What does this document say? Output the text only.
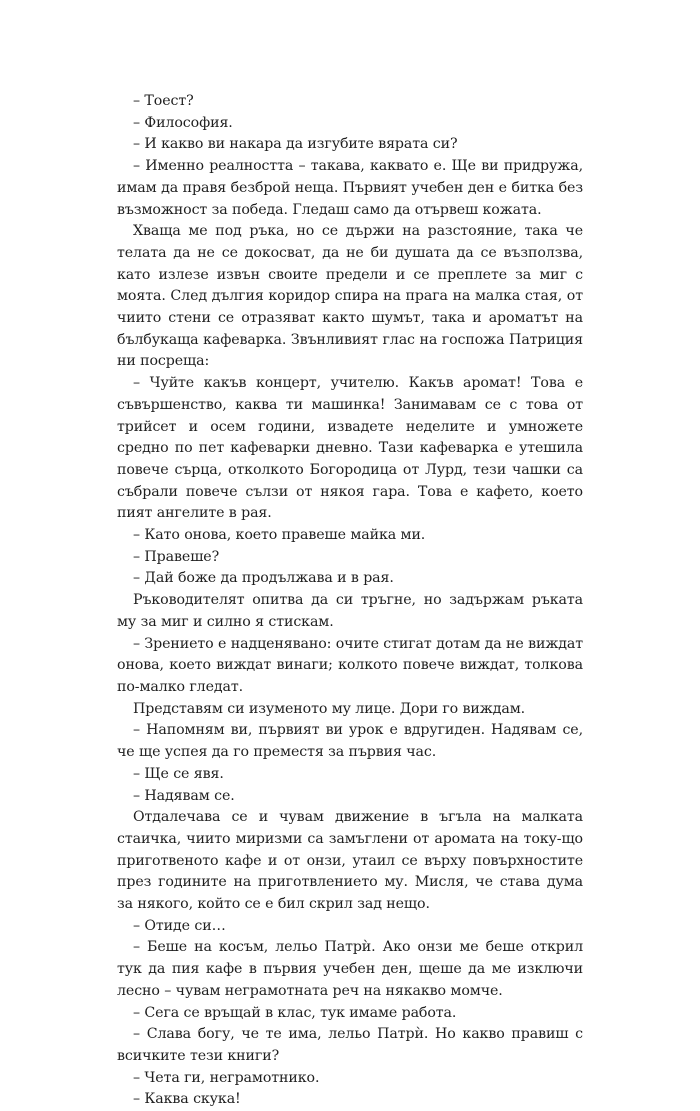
– Тоест?

– Философия.

– И какво ви накара да изгубите вярата си?

– Именно реалността – такава, каквато е. Ще ви придружа, имам да правя безброй неща. Първият учебен ден е битка без възможност за победа. Гледаш само да отървеш кожата.

Хваща ме под ръка, но се държи на разстояние, така че телата да не се докосват, да не би душата да се възползва, като излезе извън своите предели и се преплете за миг с моята. След дългия коридор спира на прага на малка стая, от чиито стени се отразяват както шумът, така и ароматът на бълбукаща кафеварка. Звънливият глас на госпожа Патриция ни посреща:

– Чуйте какъв концерт, учителю. Какъв аромат! Това е съвършенство, каква ти машинка! Занимавам се с това от трийсет и осем години, извадете неделите и умножете средно по пет кафеварки дневно. Тази кафеварка е утешила повече сърца, отколкото Богородица от Лурд, тези чашки са събрали повече сълзи от някоя гара. Това е кафето, което пият ангелите в рая.

– Като онова, което правеше майка ми.

– Правеше?

– Дай боже да продължава и в рая.

Ръководителят опитва да си тръгне, но задържам ръката му за миг и силно я стискам.

– Зрението е надценявано: очите стигат дотам да не виждат онова, което виждат винаги; колкото повече виждат, толкова по-малко гледат.

Представям си изуменото му лице. Дори го виждам.

– Напомням ви, първият ви урок е вдругиден. Надявам се, че ще успея да го преместя за първия час.

– Ще се явя.

– Надявам се.

Отдалечава се и чувам движение в ъгъла на малката стаичка, чиито миризми са замъглени от аромата на току-що приготвеното кафе и от онзи, утаил се върху повърхностите през годините на приготвлението му. Мисля, че става дума за някого, който се е бил скрил зад нещо.

– Отиде си…

– Беше на косъм, лельо Патрѝ. Ако онзи ме беше открил тук да пия кафе в първия учебен ден, щеше да ме изключи лесно – чувам неграмотната реч на някакво момче.

– Сега се връщай в клас, тук имаме работа.

– Слава богу, че те има, лельо Патрѝ. Но какво правиш с всичките тези книги?

– Чета ги, неграмотнико.

– Каква скука!
